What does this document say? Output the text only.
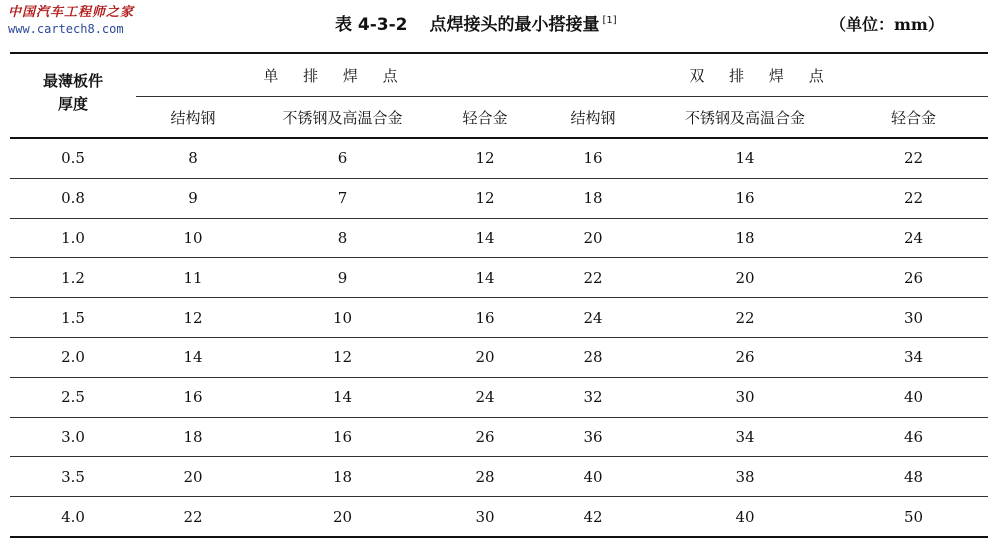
中国汽车工程师之家
www.cartech8.com	表 4-3-2 点焊接头的最小搭接量 [1]	（单位：mm）
最薄板件
厚度	单 排 焊 点			双 排 焊 点		
	结构钢	不锈钢及高温合金	轻合金	结构钢	不锈钢及高温合金	轻合金
0.5	8	6	12	16	14	22
0.8	9	7	12	18	16	22
1.0	10	8	14	20	18	24
1.2	11	9	14	22	20	26
1.5	12	10	16	24	22	30
2.0	14	12	20	28	26	34
2.5	16	14	24	32	30	40
3.0	18	16	26	36	34	46
3.5	20	18	28	40	38	48
4.0	22	20	30	42	40	50
